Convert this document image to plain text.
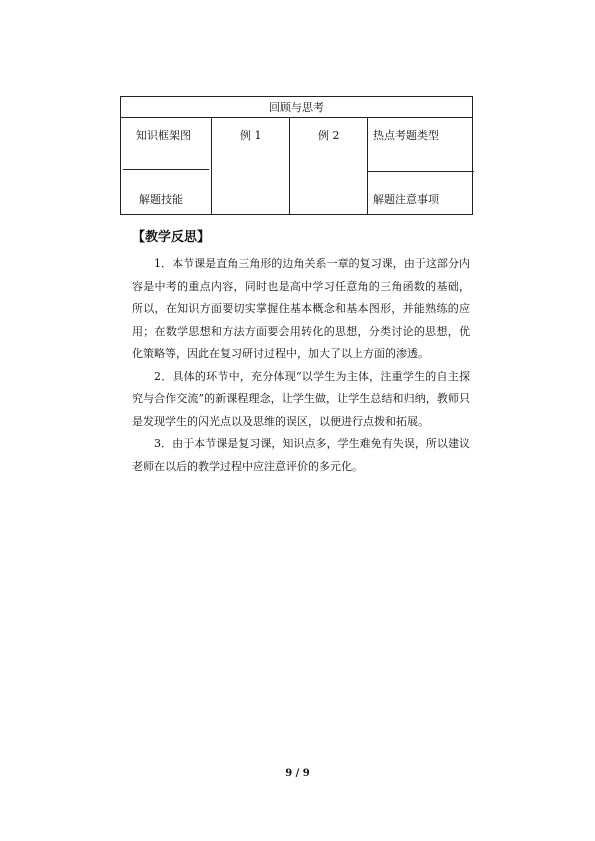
回顾与思考
知识框架图
解题技能
例 1	例 2	热点考题类型
解题注意事项
【教学反思】

1．本节课是直角三角形的边角关系一章的复习课，由于这部分内容是中考的重点内容，同时也是高中学习任意角的三角函数的基础，所以，在知识方面要切实掌握住基本概念和基本图形，并能熟练的应用；在数学思想和方法方面要会用转化的思想，分类讨论的思想，优化策略等，因此在复习研讨过程中，加大了以上方面的渗透。

2．具体的环节中，充分体现“以学生为主体，注重学生的自主探究与合作交流”的新课程理念，让学生做，让学生总结和归纳，教师只是发现学生的闪光点以及思维的误区，以便进行点拨和拓展。

3．由于本节课是复习课，知识点多，学生难免有失误，所以建议老师在以后的教学过程中应注意评价的多元化。

9 / 9
